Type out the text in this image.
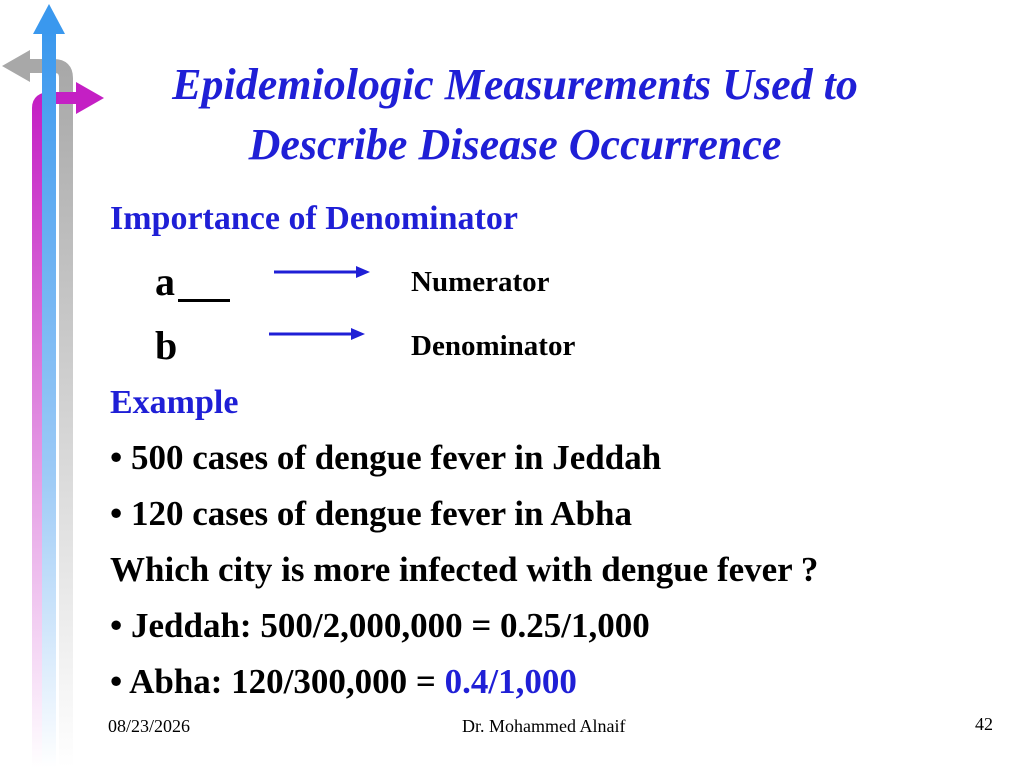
Epidemiologic Measurements Used to
Describe Disease Occurrence
Importance of Denominator
a	Numerator
b	Denominator
Example
• 500 cases of dengue fever in Jeddah
• 120 cases of dengue fever in Abha
Which city is more infected with dengue fever ?
• Jeddah: 500/2,000,000 = 0.25/1,000
• Abha: 120/300,000 = 0.4/1,000
08/23/2026	Dr. Mohammed Alnaif	42
